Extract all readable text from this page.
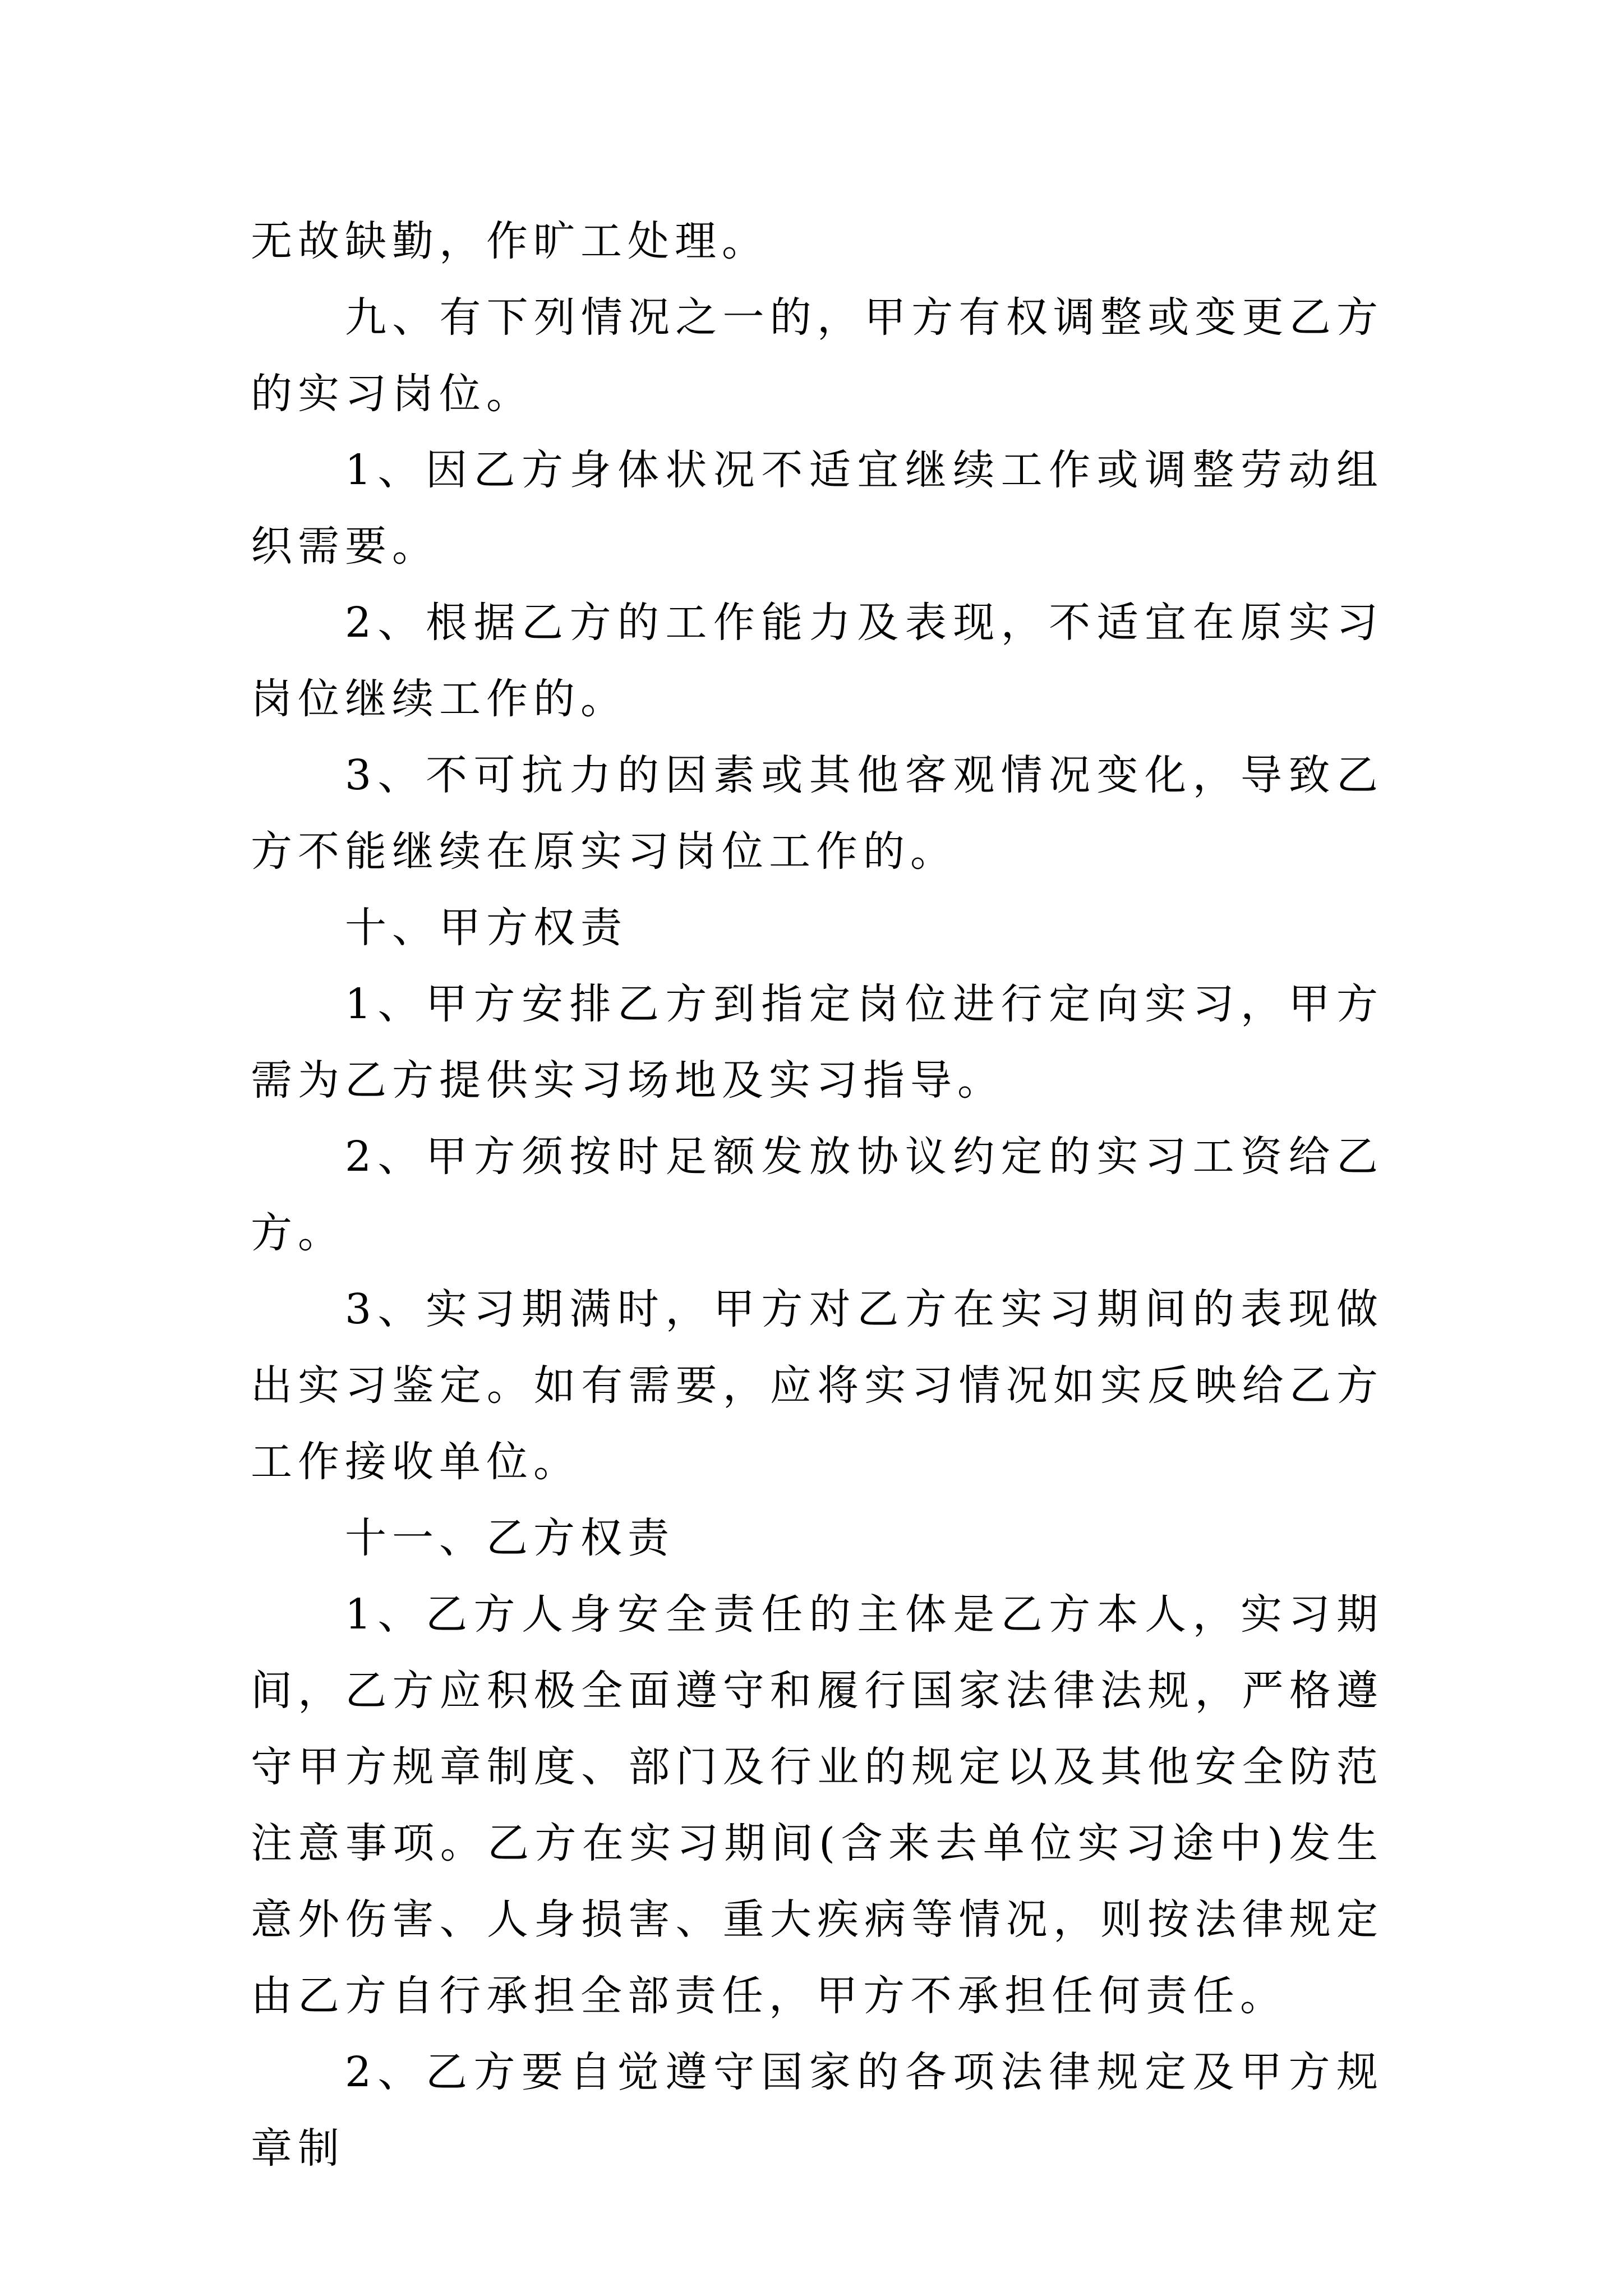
无故缺勤，作旷工处理。

九、有下列情况之一的，甲方有权调整或变更乙方的实习岗位。

1、因乙方身体状况不适宜继续工作或调整劳动组织需要。

2、根据乙方的工作能力及表现，不适宜在原实习岗位继续工作的。

3、不可抗力的因素或其他客观情况变化，导致乙方不能继续在原实习岗位工作的。

十、甲方权责

1、甲方安排乙方到指定岗位进行定向实习，甲方需为乙方提供实习场地及实习指导。

2、甲方须按时足额发放协议约定的实习工资给乙方。

3、实习期满时，甲方对乙方在实习期间的表现做出实习鉴定。如有需要，应将实习情况如实反映给乙方工作接收单位。

十一、乙方权责

1、乙方人身安全责任的主体是乙方本人，实习期间，乙方应积极全面遵守和履行国家法律法规，严格遵守甲方规章制度、部门及行业的规定以及其他安全防范注意事项。乙方在实习期间(含来去单位实习途中)发生意外伤害、人身损害、重大疾病等情况，则按法律规定由乙方自行承担全部责任，甲方不承担任何责任。

2、乙方要自觉遵守国家的各项法律规定及甲方规章制
